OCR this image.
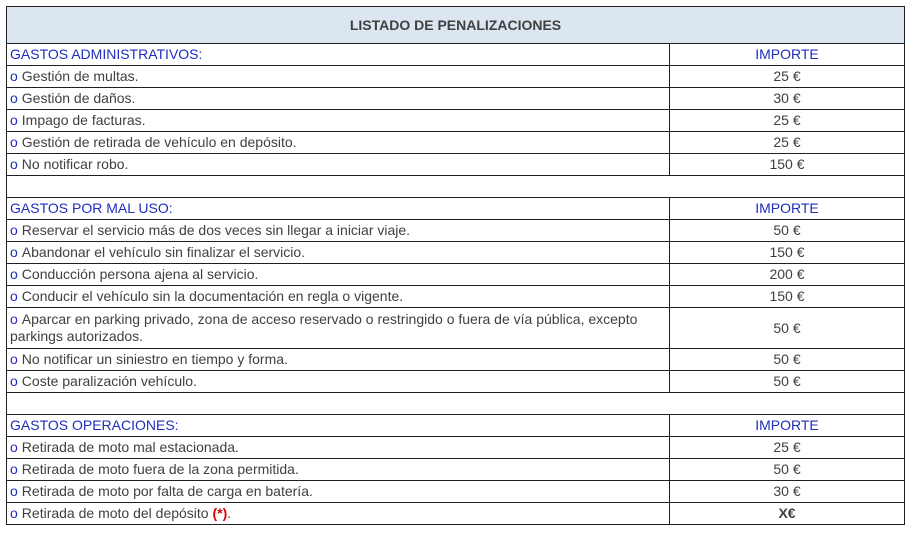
LISTADO DE PENALIZACIONES	
GASTOS ADMINISTRATIVOS:	IMPORTE
o Gestión de multas.	25 €
o Gestión de daños.	30 €
o Impago de facturas.	25 €
o Gestión de retirada de vehículo en depósito.	25 €
o No notificar robo.	150 €

GASTOS POR MAL USO:	IMPORTE
o Reservar el servicio más de dos veces sin llegar a iniciar viaje.	50 €
o Abandonar el vehículo sin finalizar el servicio.	150 €
o Conducción persona ajena al servicio.	200 €
o Conducir el vehículo sin la documentación en regla o vigente.	150 €
o Aparcar en parking privado, zona de acceso reservado o restringido o fuera de vía pública, excepto parkings autorizados.	50 €
o No notificar un siniestro en tiempo y forma.	50 €
o Coste paralización vehículo.	50 €

GASTOS OPERACIONES:	IMPORTE
o Retirada de moto mal estacionada.	25 €
o Retirada de moto fuera de la zona permitida.	50 €
o Retirada de moto por falta de carga en batería.	30 €
o Retirada de moto del depósito (*).	X€
